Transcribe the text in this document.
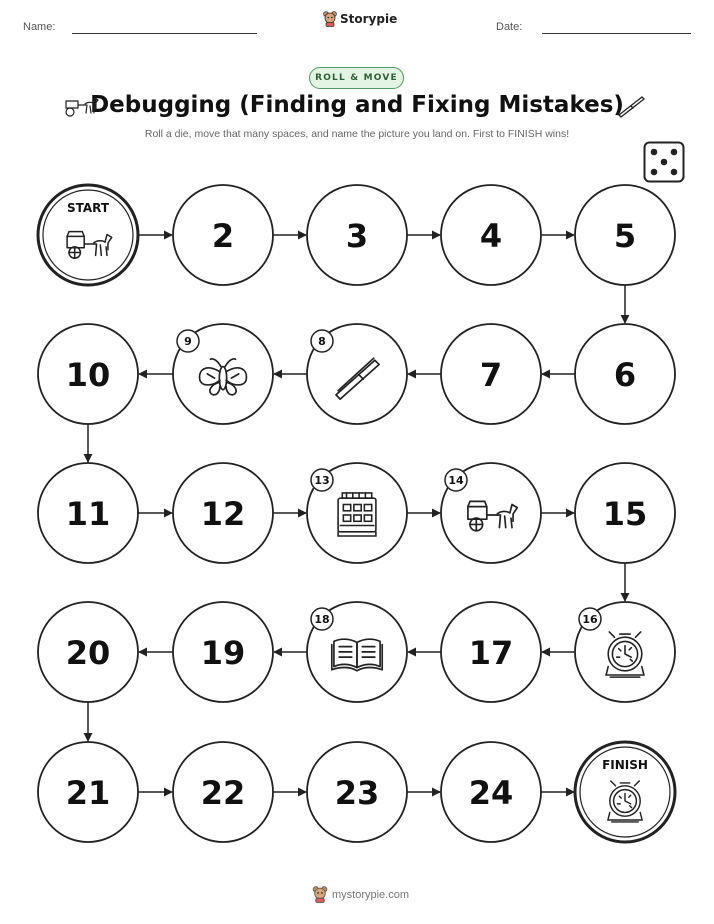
Name:
Storypie
Date:
ROLL & MOVE
Debugging (Finding and Fixing Mistakes)
Roll a die, move that many spaces, and name the picture you land on. First to FINISH wins!
START
2	3	4	5
6
7
8
9
10
11	12
13	14
15
16
17
18
19
20
21	22	23	24
FINISH
mystorypie.com
